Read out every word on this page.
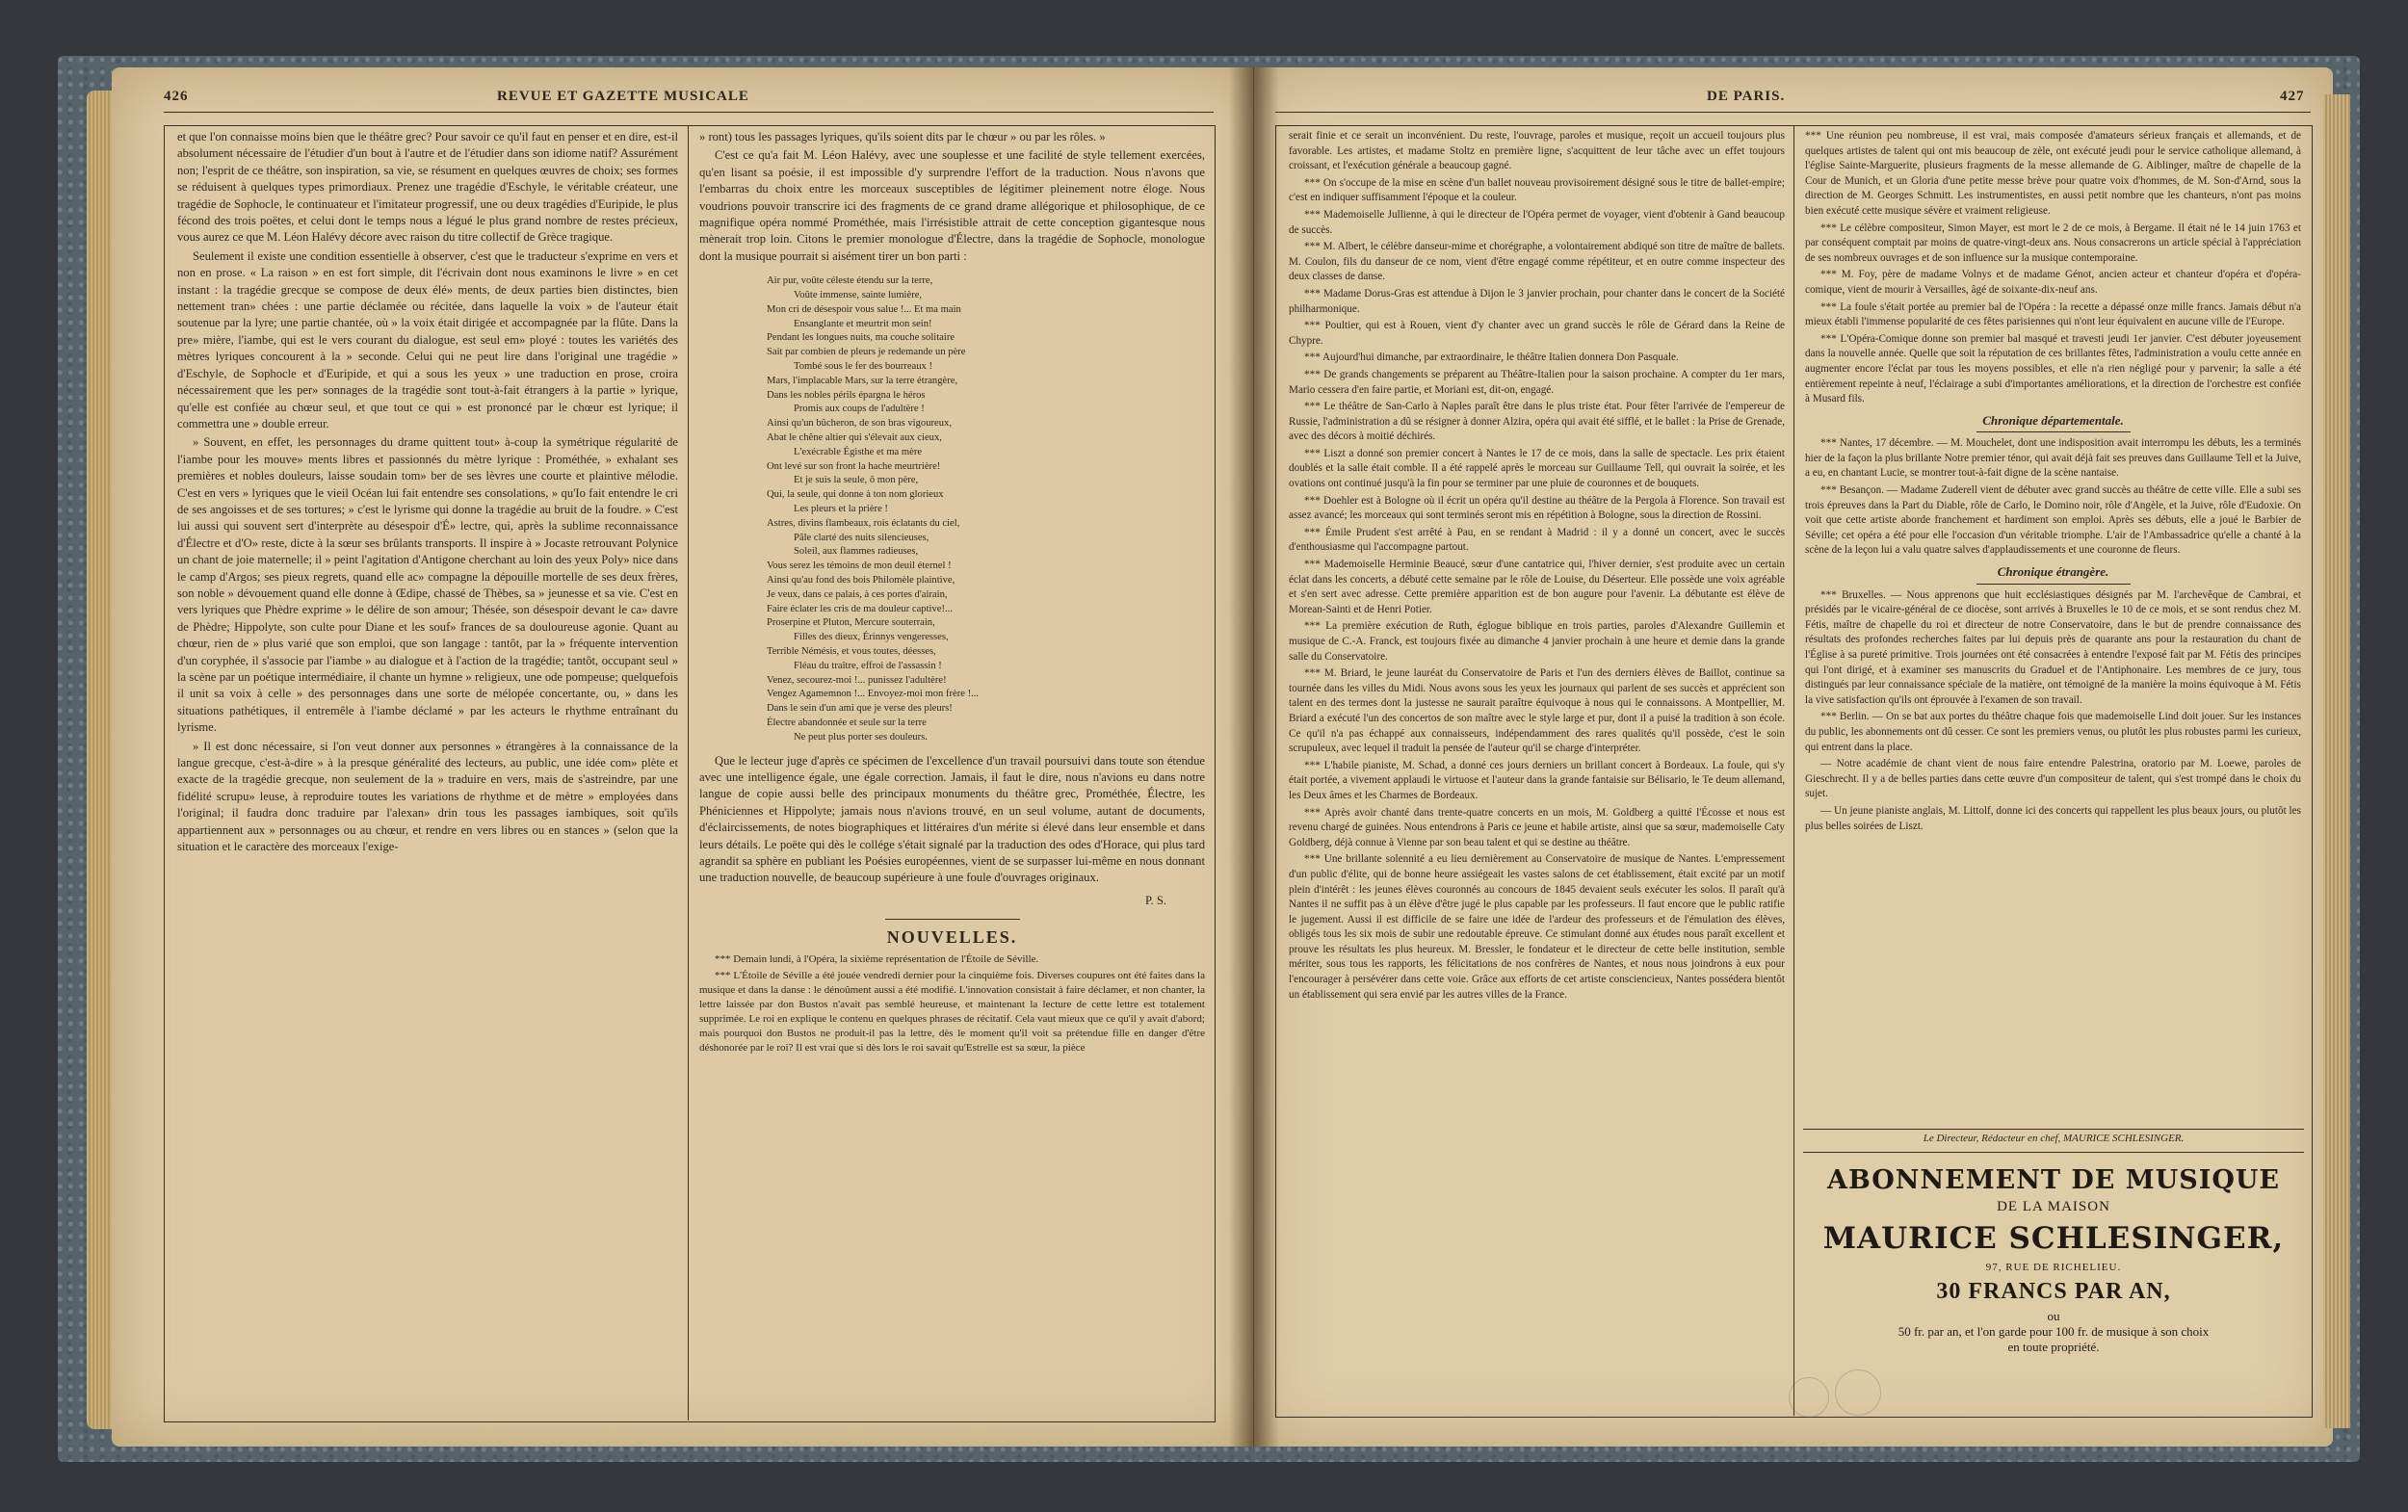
426	REVUE ET GAZETTE MUSICALE

et que l'on connaisse moins bien que le théâtre grec? Pour savoir ce qu'il faut en penser et en dire, est-il absolument nécessaire de l'étudier d'un bout à l'autre et de l'étudier dans son idiome natif? Assurément non; l'esprit de ce théâtre, son inspiration, sa vie, se résument en quelques œuvres de choix; ses formes se réduisent à quelques types primordiaux. Prenez une tragédie d'Eschyle, le véritable créateur, une tragédie de Sophocle, le continuateur et l'imitateur progressif, une ou deux tragédies d'Euripide, le plus fécond des trois poëtes, et celui dont le temps nous a légué le plus grand nombre de restes précieux, vous aurez ce que M. Léon Halévy décore avec raison du titre collectif de Grèce tragique.

Seulement il existe une condition essentielle à observer, c'est que le traducteur s'exprime en vers et non en prose. « La raison » en est fort simple, dit l'écrivain dont nous examinons le livre » en cet instant : la tragédie grecque se compose de deux élé» ments, de deux parties bien distinctes, bien nettement tran» chées : une partie déclamée ou récitée, dans laquelle la voix » de l'auteur était soutenue par la lyre; une partie chantée, où » la voix était dirigée et accompagnée par la flûte. Dans la pre» mière, l'iambe, qui est le vers courant du dialogue, est seul em» ployé : toutes les variétés des mètres lyriques concourent à la » seconde. Celui qui ne peut lire dans l'original une tragédie » d'Eschyle, de Sophocle et d'Euripide, et qui a sous les yeux » une traduction en prose, croira nécessairement que les per» sonnages de la tragédie sont tout-à-fait étrangers à la partie » lyrique, qu'elle est confiée au chœur seul, et que tout ce qui » est prononcé par le chœur est lyrique; il commettra une » double erreur.

» Souvent, en effet, les personnages du drame quittent tout» à-coup la symétrique régularité de l'iambe pour les mouve» ments libres et passionnés du mètre lyrique : Prométhée, » exhalant ses premières et nobles douleurs, laisse soudain tom» ber de ses lèvres une courte et plaintive mélodie. C'est en vers » lyriques que le vieil Océan lui fait entendre ses consolations, » qu'Io fait entendre le cri de ses angoisses et de ses tortures; » c'est le lyrisme qui donne la tragédie au bruit de la foudre. » C'est lui aussi qui souvent sert d'interprète au désespoir d'É» lectre, qui, après la sublime reconnaissance d'Électre et d'O» reste, dicte à la sœur ses brûlants transports. Il inspire à » Jocaste retrouvant Polynice un chant de joie maternelle; il » peint l'agitation d'Antigone cherchant au loin des yeux Poly» nice dans le camp d'Argos; ses pieux regrets, quand elle ac» compagne la dépouille mortelle de ses deux frères, son noble » dévouement quand elle donne à Œdipe, chassé de Thèbes, sa » jeunesse et sa vie. C'est en vers lyriques que Phèdre exprime » le délire de son amour; Thésée, son désespoir devant le ca» davre de Phèdre; Hippolyte, son culte pour Diane et les souf» frances de sa douloureuse agonie. Quant au chœur, rien de » plus varié que son emploi, que son langage : tantôt, par la » fréquente intervention d'un coryphée, il s'associe par l'iambe » au dialogue et à l'action de la tragédie; tantôt, occupant seul » la scène par un poétique intermédiaire, il chante un hymne » religieux, une ode pompeuse; quelquefois il unit sa voix à celle » des personnages dans une sorte de mélopée concertante, ou, » dans les situations pathétiques, il entremêle à l'iambe déclamé » par les acteurs le rhythme entraînant du lyrisme.

» Il est donc nécessaire, si l'on veut donner aux personnes » étrangères à la connaissance de la langue grecque, c'est-à-dire » à la presque généralité des lecteurs, au public, une idée com» plète et exacte de la tragédie grecque, non seulement de la » traduire en vers, mais de s'astreindre, par une fidélité scrupu» leuse, à reproduire toutes les variations de rhythme et de mètre » employées dans l'original; il faudra donc traduire par l'alexan» drin tous les passages iambiques, soit qu'ils appartiennent aux » personnages ou au chœur, et rendre en vers libres ou en stances » (selon que la situation et le caractère des morceaux l'exige-

» ront) tous les passages lyriques, qu'ils soient dits par le chœur » ou par les rôles. »

C'est ce qu'a fait M. Léon Halévy, avec une souplesse et une facilité de style tellement exercées, qu'en lisant sa poésie, il est impossible d'y surprendre l'effort de la traduction. Nous n'avons que l'embarras du choix entre les morceaux susceptibles de légitimer pleinement notre éloge. Nous voudrions pouvoir transcrire ici des fragments de ce grand drame allégorique et philosophique, de ce magnifique opéra nommé Prométhée, mais l'irrésistible attrait de cette conception gigantesque nous mènerait trop loin. Citons le premier monologue d'Électre, dans la tragédie de Sophocle, monologue dont la musique pourrait si aisément tirer un bon parti :

Air pur, voûte céleste étendu sur la terre,
Voûte immense, sainte lumière,
Mon cri de désespoir vous salue !... Et ma main
Ensanglante et meurtrit mon sein!
Pendant les longues nuits, ma couche solitaire
Sait par combien de pleurs je redemande un père
Tombé sous le fer des bourreaux !
Mars, l'implacable Mars, sur la terre étrangère,
Dans les nobles périls épargna le héros
Promis aux coups de l'adultère !
Ainsi qu'un bûcheron, de son bras vigoureux,
Abat le chêne altier qui s'élevait aux cieux,
L'exécrable Égisthe et ma mère
Ont levé sur son front la hache meurtrière!
Et je suis la seule, ô mon père,
Qui, la seule, qui donne à ton nom glorieux
Les pleurs et la prière !
Astres, divins flambeaux, rois éclatants du ciel,
Pâle clarté des nuits silencieuses,
Soleil, aux flammes radieuses,
Vous serez les témoins de mon deuil éternel !
Ainsi qu'au fond des bois Philomèle plaintive,
Je veux, dans ce palais, à ces portes d'airain,
Faire éclater les cris de ma douleur captive!...
Proserpine et Pluton, Mercure souterrain,
Filles des dieux, Érinnys vengeresses,
Terrible Némésis, et vous toutes, déesses,
Fléau du traître, effroi de l'assassin !
Venez, secourez-moi !... punissez l'adultère!
Vengez Agamemnon !... Envoyez-moi mon frère !...
Dans le sein d'un ami que je verse des pleurs!
Électre abandonnée et seule sur la terre
Ne peut plus porter ses douleurs.

Que le lecteur juge d'après ce spécimen de l'excellence d'un travail poursuivi dans toute son étendue avec une intelligence égale, une égale correction. Jamais, il faut le dire, nous n'avions eu dans notre langue de copie aussi belle des principaux monuments du théâtre grec, Prométhée, Électre, les Phéniciennes et Hippolyte; jamais nous n'avions trouvé, en un seul volume, autant de documents, d'éclaircissements, de notes biographiques et littéraires d'un mérite si élevé dans leur ensemble et dans leurs détails. Le poëte qui dès le collége s'était signalé par la traduction des odes d'Horace, qui plus tard agrandit sa sphère en publiant les Poésies européennes, vient de se surpasser lui-même en nous donnant une traduction nouvelle, de beaucoup supérieure à une foule d'ouvrages originaux.

P. S.
NOUVELLES.

*** Demain lundi, à l'Opéra, la sixième représentation de l'Étoile de Séville.

*** L'Étoile de Séville a été jouée vendredi dernier pour la cinquième fois. Diverses coupures ont été faites dans la musique et dans la danse : le dénoûment aussi a été modifié. L'innovation consistait à faire déclamer, et non chanter, la lettre laissée par don Bustos n'avait pas semblé heureuse, et maintenant la lecture de cette lettre est totalement supprimée. Le roi en explique le contenu en quelques phrases de récitatif. Cela vaut mieux que ce qu'il y avait d'abord; mais pourquoi don Bustos ne produit-il pas la lettre, dès le moment qu'il voit sa prétendue fille en danger d'être déshonorée par le roi? Il est vrai que si dès lors le roi savait qu'Estrelle est sa sœur, la pièce

DE PARIS.	427

serait finie et ce serait un inconvénient. Du reste, l'ouvrage, paroles et musique, reçoit un accueil toujours plus favorable. Les artistes, et madame Stoltz en première ligne, s'acquittent de leur tâche avec un effet toujours croissant, et l'exécution générale a beaucoup gagné.

*** On s'occupe de la mise en scène d'un ballet nouveau provisoirement désigné sous le titre de ballet-empire; c'est en indiquer suffisamment l'époque et la couleur.

*** Mademoiselle Jullienne, à qui le directeur de l'Opéra permet de voyager, vient d'obtenir à Gand beaucoup de succès.

*** M. Albert, le célèbre danseur-mime et chorégraphe, a volontairement abdiqué son titre de maître de ballets. M. Coulon, fils du danseur de ce nom, vient d'être engagé comme répétiteur, et en outre comme inspecteur des deux classes de danse.

*** Madame Dorus-Gras est attendue à Dijon le 3 janvier prochain, pour chanter dans le concert de la Société philharmonique.

*** Poultier, qui est à Rouen, vient d'y chanter avec un grand succès le rôle de Gérard dans la Reine de Chypre.

*** Aujourd'hui dimanche, par extraordinaire, le théâtre Italien donnera Don Pasquale.

*** De grands changements se préparent au Théâtre-Italien pour la saison prochaine. A compter du 1er mars, Mario cessera d'en faire partie, et Moriani est, dit-on, engagé.

*** Le théâtre de San-Carlo à Naples paraît être dans le plus triste état. Pour fêter l'arrivée de l'empereur de Russie, l'administration a dû se résigner à donner Alzira, opéra qui avait été sifflé, et le ballet : la Prise de Grenade, avec des décors à moitié déchirés.

*** Liszt a donné son premier concert à Nantes le 17 de ce mois, dans la salle de spectacle. Les prix étaient doublés et la salle était comble. Il a été rappelé après le morceau sur Guillaume Tell, qui ouvrait la soirée, et les ovations ont continué jusqu'à la fin pour se terminer par une pluie de couronnes et de bouquets.

*** Doehler est à Bologne où il écrit un opéra qu'il destine au théâtre de la Pergola à Florence. Son travail est assez avancé; les morceaux qui sont terminés seront mis en répétition à Bologne, sous la direction de Rossini.

*** Émile Prudent s'est arrêté à Pau, en se rendant à Madrid : il y a donné un concert, avec le succès d'enthousiasme qui l'accompagne partout.

*** Mademoiselle Herminie Beaucé, sœur d'une cantatrice qui, l'hiver dernier, s'est produite avec un certain éclat dans les concerts, a débuté cette semaine par le rôle de Louise, du Déserteur. Elle possède une voix agréable et s'en sert avec adresse. Cette première apparition est de bon augure pour l'avenir. La débutante est élève de Morean-Sainti et de Henri Potier.

*** La première exécution de Ruth, églogue biblique en trois parties, paroles d'Alexandre Guillemin et musique de C.-A. Franck, est toujours fixée au dimanche 4 janvier prochain à une heure et demie dans la grande salle du Conservatoire.

*** M. Briard, le jeune lauréat du Conservatoire de Paris et l'un des derniers élèves de Baillot, continue sa tournée dans les villes du Midi. Nous avons sous les yeux les journaux qui parlent de ses succès et apprécient son talent en des termes dont la justesse ne saurait paraître équivoque à nous qui le connaissons. A Montpellier, M. Briard a exécuté l'un des concertos de son maître avec le style large et pur, dont il a puisé la tradition à son école. Ce qu'il n'a pas échappé aux connaisseurs, indépendamment des rares qualités qu'il possède, c'est le soin scrupuleux, avec lequel il traduit la pensée de l'auteur qu'il se charge d'interpréter.

*** L'habile pianiste, M. Schad, a donné ces jours derniers un brillant concert à Bordeaux. La foule, qui s'y était portée, a vivement applaudi le virtuose et l'auteur dans la grande fantaisie sur Bélisario, le Te deum allemand, les Deux âmes et les Charmes de Bordeaux.

*** Après avoir chanté dans trente-quatre concerts en un mois, M. Goldberg a quitté l'Écosse et nous est revenu chargé de guinées. Nous entendrons à Paris ce jeune et habile artiste, ainsi que sa sœur, mademoiselle Caty Goldberg, déjà connue à Vienne par son beau talent et qui se destine au théâtre.

*** Une brillante solennité a eu lieu dernièrement au Conservatoire de musique de Nantes. L'empressement d'un public d'élite, qui de bonne heure assiégeait les vastes salons de cet établissement, était excité par un motif plein d'intérêt : les jeunes élèves couronnés au concours de 1845 devaient seuls exécuter les solos. Il paraît qu'à Nantes il ne suffit pas à un élève d'être jugé le plus capable par les professeurs. Il faut encore que le public ratifie le jugement. Aussi il est difficile de se faire une idée de l'ardeur des professeurs et de l'émulation des élèves, obligés tous les six mois de subir une redoutable épreuve. Ce stimulant donné aux études nous paraît excellent et prouve les résultats les plus heureux. M. Bressler, le fondateur et le directeur de cette belle institution, semble mériter, sous tous les rapports, les félicitations de nos confrères de Nantes, et nous nous joindrons à eux pour l'encourager à persévérer dans cette voie. Grâce aux efforts de cet artiste consciencieux, Nantes possédera bientôt un établissement qui sera envié par les autres villes de la France.

*** Une réunion peu nombreuse, il est vrai, mais composée d'amateurs sérieux français et allemands, et de quelques artistes de talent qui ont mis beaucoup de zèle, ont exécuté jeudi pour le service catholique allemand, à l'église Sainte-Marguerite, plusieurs fragments de la messe allemande de G. Aiblinger, maître de chapelle de la Cour de Munich, et un Gloria d'une petite messe brève pour quatre voix d'hommes, de M. Son-d'Arnd, sous la direction de M. Georges Schmitt. Les instrumentistes, en aussi petit nombre que les chanteurs, n'ont pas moins bien exécuté cette musique sévère et vraiment religieuse.

*** Le célèbre compositeur, Simon Mayer, est mort le 2 de ce mois, à Bergame. Il était né le 14 juin 1763 et par conséquent comptait par moins de quatre-vingt-deux ans. Nous consacrerons un article spécial à l'appréciation de ses nombreux ouvrages et de son influence sur la musique contemporaine.

*** M. Foy, père de madame Volnys et de madame Génot, ancien acteur et chanteur d'opéra et d'opéra-comique, vient de mourir à Versailles, âgé de soixante-dix-neuf ans.

*** La foule s'était portée au premier bal de l'Opéra : la recette a dépassé onze mille francs. Jamais début n'a mieux établi l'immense popularité de ces fêtes parisiennes qui n'ont leur équivalent en aucune ville de l'Europe.

*** L'Opéra-Comique donne son premier bal masqué et travesti jeudi 1er janvier. C'est débuter joyeusement dans la nouvelle année. Quelle que soit la réputation de ces brillantes fêtes, l'administration a voulu cette année en augmenter encore l'éclat par tous les moyens possibles, et elle n'a rien négligé pour y parvenir; la salle a été entièrement repeinte à neuf, l'éclairage a subi d'importantes améliorations, et la direction de l'orchestre est confiée à Musard fils.

Chronique départementale.

*** Nantes, 17 décembre. — M. Mouchelet, dont une indisposition avait interrompu les débuts, les a terminés hier de la façon la plus brillante Notre premier ténor, qui avait déjà fait ses preuves dans Guillaume Tell et la Juive, a eu, en chantant Lucie, se montrer tout-à-fait digne de la scène nantaise.

*** Besançon. — Madame Zuderell vient de débuter avec grand succès au théâtre de cette ville. Elle a subi ses trois épreuves dans la Part du Diable, rôle de Carlo, le Domino noir, rôle d'Angèle, et la Juive, rôle d'Eudoxie. On voit que cette artiste aborde franchement et hardiment son emploi. Après ses débuts, elle a joué le Barbier de Séville; cet opéra a été pour elle l'occasion d'un véritable triomphe. L'air de l'Ambassadrice qu'elle a chanté à la scène de la leçon lui a valu quatre salves d'applaudissements et une couronne de fleurs.

Chronique étrangère.

*** Bruxelles. — Nous apprenons que huit ecclésiastiques désignés par M. l'archevêque de Cambrai, et présidés par le vicaire-général de ce diocèse, sont arrivés à Bruxelles le 10 de ce mois, et se sont rendus chez M. Fétis, maître de chapelle du roi et directeur de notre Conservatoire, dans le but de prendre connaissance des résultats des profondes recherches faites par lui depuis près de quarante ans pour la restauration du chant de l'Église à sa pureté primitive. Trois journées ont été consacrées à entendre l'exposé fait par M. Fétis des principes qui l'ont dirigé, et à examiner ses manuscrits du Graduel et de l'Antiphonaire. Les membres de ce jury, tous distingués par leur connaissance spéciale de la matière, ont témoigné de la manière la moins équivoque à M. Fétis la vive satisfaction qu'ils ont éprouvée à l'examen de son travail.

*** Berlin. — On se bat aux portes du théâtre chaque fois que mademoiselle Lind doit jouer. Sur les instances du public, les abonnements ont dû cesser. Ce sont les premiers venus, ou plutôt les plus robustes parmi les curieux, qui entrent dans la place.

— Notre académie de chant vient de nous faire entendre Palestrina, oratorio par M. Loewe, paroles de Gieschrecht. Il y a de belles parties dans cette œuvre d'un compositeur de talent, qui s'est trompé dans le choix du sujet.

— Un jeune pianiste anglais, M. Littolf, donne ici des concerts qui rappellent les plus beaux jours, ou plutôt les plus belles soirées de Liszt.

Le Directeur, Rédacteur en chef, MAURICE SCHLESINGER.
ABONNEMENT DE MUSIQUE
DE LA MAISON
MAURICE SCHLESINGER,
97, RUE DE RICHELIEU.
30 FRANCS PAR AN,
ou
50 fr. par an, et l'on garde pour 100 fr. de musique à son choix
en toute propriété.
